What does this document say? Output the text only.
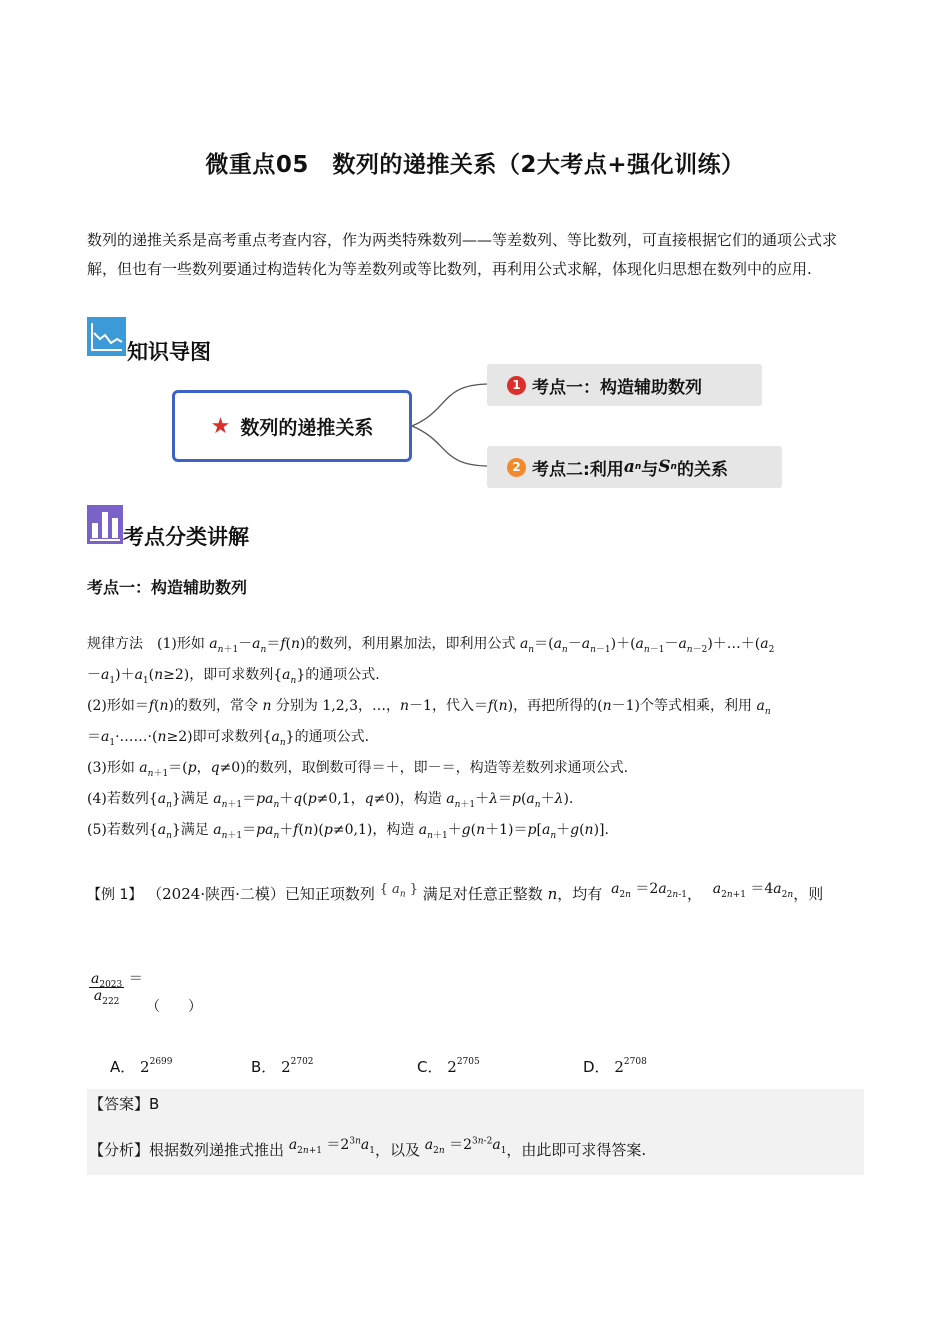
微重点05　数列的递推关系（2大考点+强化训练）
数列的递推关系是高考重点考查内容，作为两类特殊数列——等差数列、等比数列，可直接根据它们的通项公式求解，但也有一些数列要通过构造转化为等差数列或等比数列，再利用公式求解，体现化归思想在数列中的应用.
知识导图
★ 数列的递推关系
1 考点一：构造辅助数列
2 考点二:利用 a n 与 S n 的关系
考点分类讲解
考点一：构造辅助数列
规律方法　(1)形如 $a_{n+1}-a_n=f(n)$的数列，利用累加法，即利用公式 $a_n=(a_n-a_{n-1})+(a_{n-1}-a_{n-2})+\dots+(a_2$
$-a_1)+a_1(n\ge 2)$，即可求数列$\{a_n\}$的通项公式.
(2)形如＝f(n)的数列，常令 n 分别为 1,2,3，…，n－1，代入＝f(n)，再把所得的(n－1)个等式相乘，利用 $a_n$
$=a_1\cdot\dots\dots\cdot(n\ge 2)$即可求数列$\{a_n\}$的通项公式.
(3)形如 $a_{n+1}=(p$，q≠0)的数列，取倒数可得＝＋，即－＝，构造等差数列求通项公式.
(4)若数列$\{a_n\}$满足 $a_{n+1}=pa_n+q(p\ne 0,1$，q≠0)，构造 $a_{n+1}+\lambda=p(a_n+\lambda)$.
(5)若数列$\{a_n\}$满足 $a_{n+1}=pa_n+f(n)(p\ne 0,1)$，构造 $a_{n+1}+g(n+1)=p[a_n+g(n)]$.
【例 1】 （2024·陕西·二模）已知正项数列 { $a_n$ } 满足对任意正整数 n，均有 $a_{2n} =2a_{2n-1}$， $a_{2n+1} =4a_{2n}$，则
$\frac{a_{2023}}{a_{222}}$ ＝
（　　）
A． $2^{2699}$	B． $2^{2702}$	C． $2^{2705}$	D． $2^{2708}$
【答案】B
【分析】根据数列递推式推出 $a_{2n+1} =2^{3n}a_1$，以及 $a_{2n} =2^{3n-2}a_1$，由此即可求得答案.
